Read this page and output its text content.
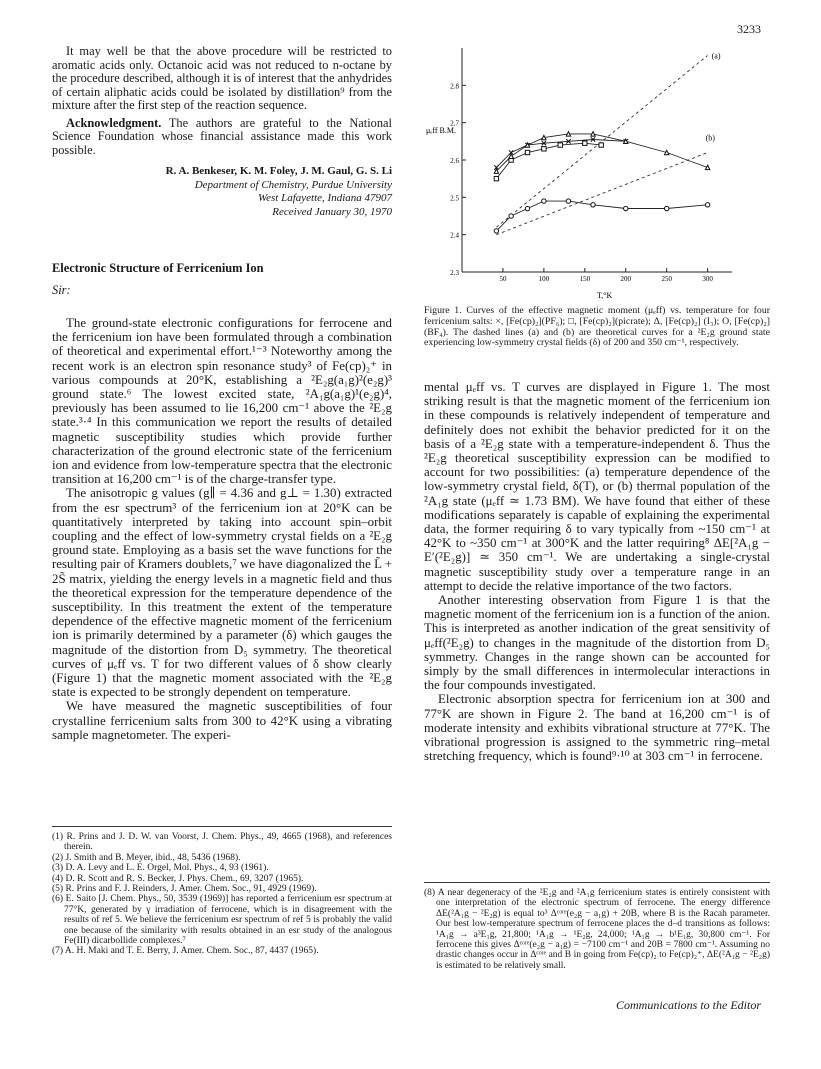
3233

It may well be that the above procedure will be restricted to aromatic acids only. Octanoic acid was not reduced to n-octane by the procedure described, although it is of interest that the anhydrides of certain aliphatic acids could be isolated by distillation⁹ from the mixture after the first step of the reaction sequence.

Acknowledgment. The authors are grateful to the National Science Foundation whose financial assistance made this work possible.

R. A. Benkeser, K. M. Foley, J. M. Gaul, G. S. Li

Department of Chemistry, Purdue University

West Lafayette, Indiana 47907

Received January 30, 1970

Electronic Structure of Ferricenium Ion

Sir:

The ground-state electronic configurations for ferrocene and the ferricenium ion have been formulated through a combination of theoretical and experimental effort.¹⁻³ Noteworthy among the recent work is an electron spin resonance study³ of Fe(cp)₂⁺ in various compounds at 20°K, establishing a ²E₂g(a₁g)²(e₂g)³ ground state.⁶ The lowest excited state, ²A₁g(a₁g)¹(e₂g)⁴, previously has been assumed to lie 16,200 cm⁻¹ above the ²E₂g state.³·⁴ In this communication we report the results of detailed magnetic susceptibility studies which provide further characterization of the ground electronic state of the ferricenium ion and evidence from low-temperature spectra that the electronic transition at 16,200 cm⁻¹ is of the charge-transfer type.

The anisotropic g values (g∥ = 4.36 and g⊥ = 1.30) extracted from the esr spectrum³ of the ferricenium ion at 20°K can be quantitatively interpreted by taking into account spin–orbit coupling and the effect of low-symmetry crystal fields on a ²E₂g ground state. Employing as a basis set the wave functions for the resulting pair of Kramers doublets,⁷ we have diagonalized the L̃ + 2S̃ matrix, yielding the energy levels in a magnetic field and thus the theoretical expression for the temperature dependence of the susceptibility. In this treatment the extent of the temperature dependence of the effective magnetic moment of the ferricenium ion is primarily determined by a parameter (δ) which gauges the magnitude of the distortion from D₅ symmetry. The theoretical curves of μₑff vs. T for two different values of δ show clearly (Figure 1) that the magnetic moment associated with the ²E₂g state is expected to be strongly dependent on temperature.

We have measured the magnetic susceptibilities of four crystalline ferricenium salts from 300 to 42°K using a vibrating sample magnetometer. The experi-

(1) R. Prins and J. D. W. van Voorst, J. Chem. Phys., 49, 4665 (1968), and references therein.

(2) J. Smith and B. Meyer, ibid., 48, 5436 (1968).

(3) D. A. Levy and L. E. Orgel, Mol. Phys., 4, 93 (1961).

(4) D. R. Scott and R. S. Becker, J. Phys. Chem., 69, 3207 (1965).

(5) R. Prins and F. J. Reinders, J. Amer. Chem. Soc., 91, 4929 (1969).

(6) E. Saito [J. Chem. Phys., 50, 3539 (1969)] has reported a ferricenium esr spectrum at 77°K, generated by γ irradiation of ferrocene, which is in disagreement with the results of ref 5. We believe the ferricenium esr spectrum of ref 5 is probably the valid one because of the similarity with results obtained in an esr study of the analogous Fe(III) dicarbollide complexes.⁷

(7) A. H. Maki and T. E. Berry, J. Amer. Chem. Soc., 87, 4437 (1965).

50	100	150	200	250	300
2.3
2.4
2.5
2.6
2.7
2.8
μₑff B.M.
T,°K
(a)
(b)
Figure 1. Curves of the effective magnetic moment (μₑff) vs. temperature for four ferricenium salts: ×, [Fe(cp)₂](PF₆); □, [Fe(cp)₂](picrate); Δ, [Fe(cp)₂] (I₃); O, [Fe(cp)₂](BF₄). The dashed lines (a) and (b) are theoretical curves for a ²E₂g ground state experiencing low-symmetry crystal fields (δ) of 200 and 350 cm⁻¹, respectively.

mental μₑff vs. T curves are displayed in Figure 1. The most striking result is that the magnetic moment of the ferricenium ion in these compounds is relatively independent of temperature and definitely does not exhibit the behavior predicted for it on the basis of a ²E₂g state with a temperature-independent δ. Thus the ²E₂g theoretical susceptibility expression can be modified to account for two possibilities: (a) temperature dependence of the low-symmetry crystal field, δ(T), or (b) thermal population of the ²A₁g state (μₑff ≃ 1.73 BM). We have found that either of these modifications separately is capable of explaining the experimental data, the former requiring δ to vary typically from ~150 cm⁻¹ at 42°K to ~350 cm⁻¹ at 300°K and the latter requiring⁸ ΔE[²A₁g − E′(²E₂g)] ≃ 350 cm⁻¹. We are undertaking a single-crystal magnetic susceptibility study over a temperature range in an attempt to decide the relative importance of the two factors.

Another interesting observation from Figure 1 is that the magnetic moment of the ferricenium ion is a function of the anion. This is interpreted as another indication of the great sensitivity of μₑff(²E₂g) to changes in the magnitude of the distortion from D₅ symmetry. Changes in the range shown can be accounted for simply by the small differences in intermolecular interactions in the four compounds investigated.

Electronic absorption spectra for ferricenium ion at 300 and 77°K are shown in Figure 2. The band at 16,200 cm⁻¹ is of moderate intensity and exhibits vibrational structure at 77°K. The vibrational progression is assigned to the symmetric ring–metal stretching frequency, which is found⁹·¹⁰ at 303 cm⁻¹ in ferrocene.

(8) A near degeneracy of the ²E₂g and ²A₁g ferricenium states is entirely consistent with one interpretation of the electronic spectrum of ferrocene. The energy difference ΔE(²A₁g − ²E₂g) is equal to³ Δᶜᵒʳᵉ(e₂g − a₁g) + 20B, where B is the Racah parameter. Our best low-temperature spectrum of ferrocene places the d–d transitions as follows: ¹A₁g → a³E₁g, 21,800; ¹A₁g → ¹E₂g, 24,000; ¹A₁g → b¹E₁g, 30,800 cm⁻¹. For ferrocene this gives Δᶜᵒʳᵉ(e₂g − a₁g) = −7100 cm⁻¹ and 20B = 7800 cm⁻¹. Assuming no drastic changes occur in Δᶜᵒʳᵉ and B in going from Fe(cp)₂ to Fe(cp)₂⁺, ΔE(²A₁g − ²E₂g) is estimated to be relatively small.

Communications to the Editor
